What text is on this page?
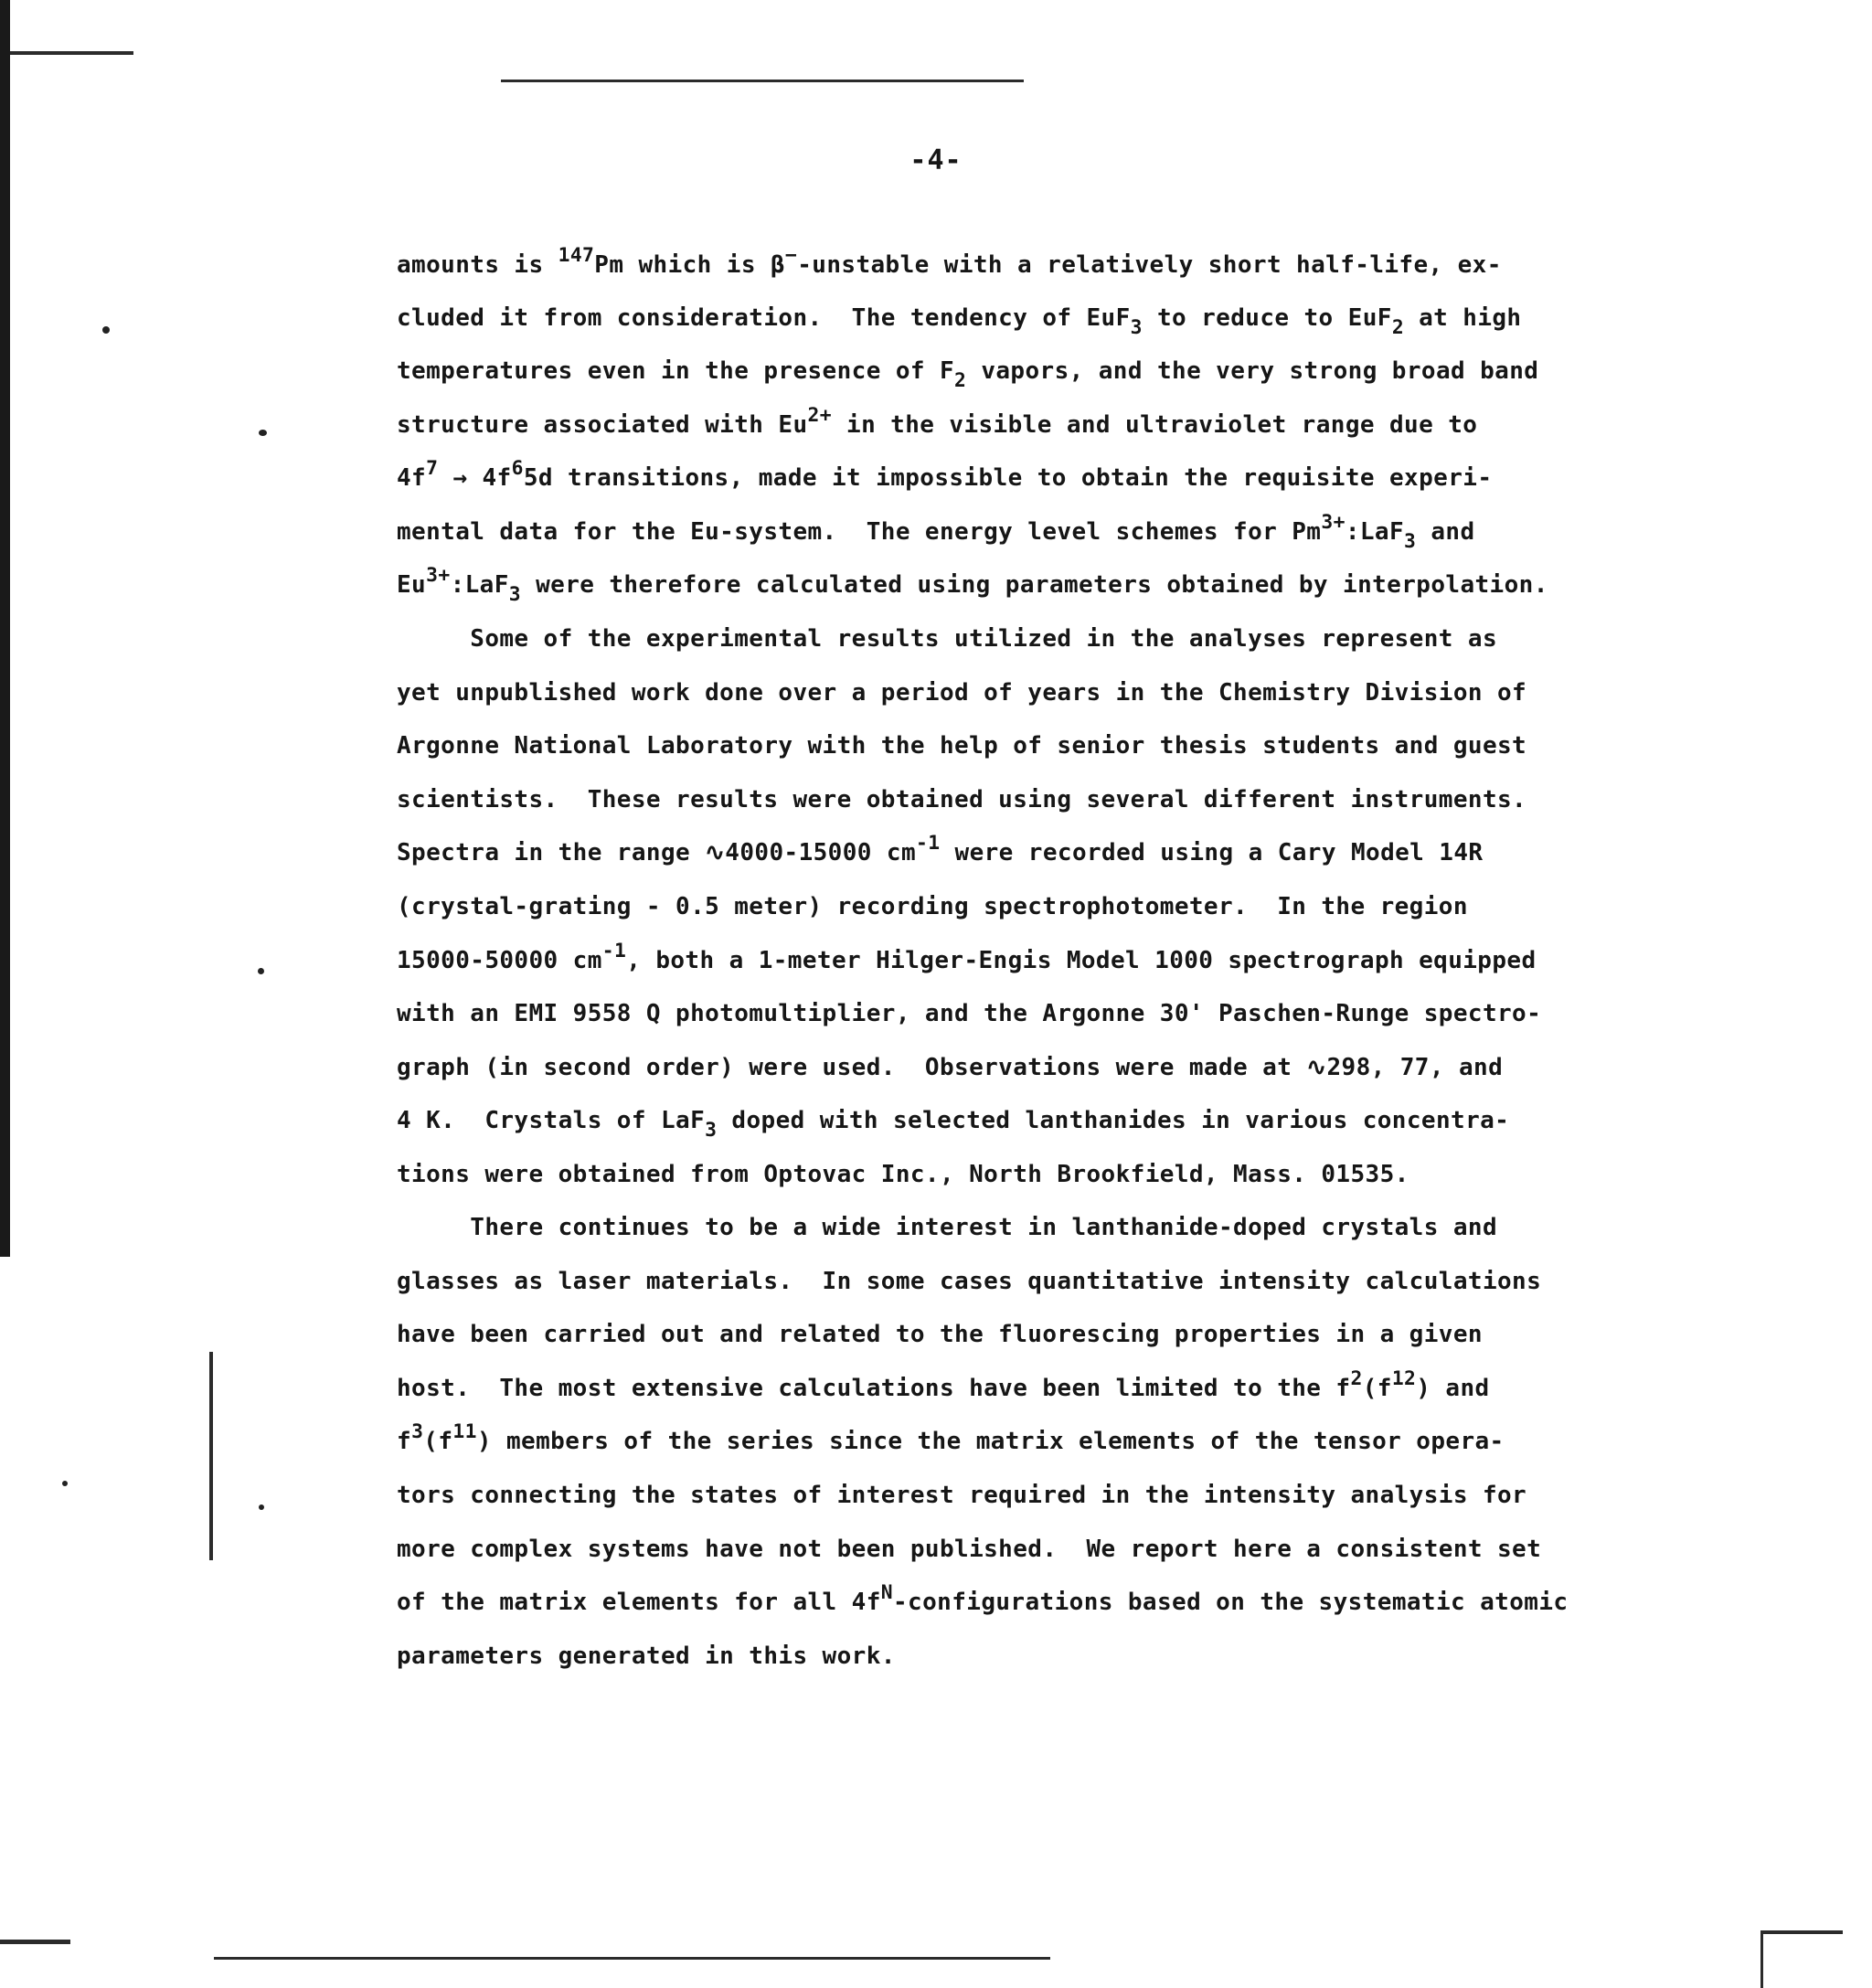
-4-
amounts is $^{147}$Pm which is β−-unstable with a relatively short half-life, ex-
cluded it from consideration.  The tendency of EuF$_3$ to reduce to EuF$_2$ at high
temperatures even in the presence of $F_2$ vapors, and the very strong broad band
structure associated with $Eu^{2+}$ in the visible and ultraviolet range due to
$4f^7 \to 4f^65d$ transitions, made it impossible to obtain the requisite experi-
mental data for the Eu-system.  The energy level schemes for $Pm^{3+}:LaF_3$ and
$Eu^{3+}:LaF_3$ were therefore calculated using parameters obtained by interpolation.
Some of the experimental results utilized in the analyses represent as
yet unpublished work done over a period of years in the Chemistry Division of
Argonne National Laboratory with the help of senior thesis students and guest
scientists.  These results were obtained using several different instruments.
Spectra in the range ∿4000-15000 $cm^{-1}$ were recorded using a Cary Model 14R
(crystal-grating - 0.5 meter) recording spectrophotometer.  In the region
15000-50000 $cm^{-1}$, both a 1-meter Hilger-Engis Model 1000 spectrograph equipped
with an EMI 9558 Q photomultiplier, and the Argonne 30' Paschen-Runge spectro-
graph (in second order) were used.  Observations were made at ∿298, 77, and
4 K.  Crystals of LaF$_3$ doped with selected lanthanides in various concentra-
tions were obtained from Optovac Inc., North Brookfield, Mass. 01535.
There continues to be a wide interest in lanthanide-doped crystals and
glasses as laser materials.  In some cases quantitative intensity calculations
have been carried out and related to the fluorescing properties in a given
host.  The most extensive calculations have been limited to the $f^2(f^{12})$ and
$f^3(f^{11})$ members of the series since the matrix elements of the tensor opera-
tors connecting the states of interest required in the intensity analysis for
more complex systems have not been published.  We report here a consistent set
of the matrix elements for all $4f^N$-configurations based on the systematic atomic
parameters generated in this work.
